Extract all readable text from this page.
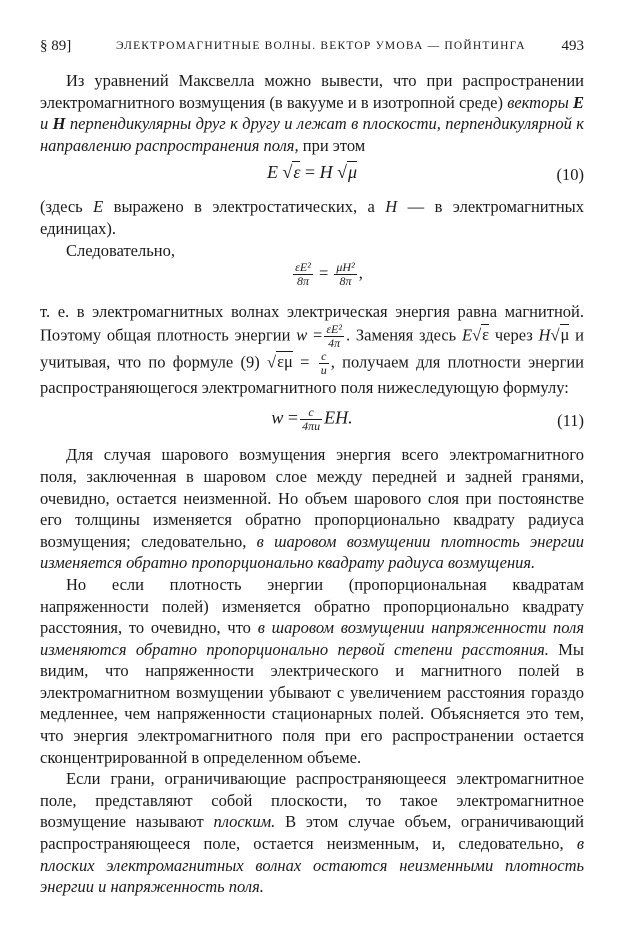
§ 89]	ЭЛЕКТРОМАГНИТНЫЕ ВОЛНЫ. ВЕКТОР УМОВА — ПОЙНТИНГА 493

Из уравнений Максвелла можно вывести, что при распространении электромагнитного возмущения (в вакууме и в изотропной среде) векторы E и H перпендикулярны друг к другу и лежат в плоскости, перпендикулярной к направлению распространения поля, при этом

E √ε = H √μ	(10)

(здесь E выражено в электростатических, а H — в электромагнитных единицах).

Следовательно,

$\frac{\text{εE²}}{8\pi} = \frac{\text{μH²}}{8\pi}$ ,

т. е. в электромагнитных волнах электрическая энергия равна магнитной. Поэтому общая плотность энергии $w = \frac{\text{εE²}}{4\pi}$ . Заменяя здесь E√ε через H√μ и учитывая, что по формуле (9) $√\varepsilon\mu = \frac{c}{u}$ , получаем для плотности энергии распространяющегося электромагнитного поля нижеследующую формулу:

$w = \frac{c}{4\pi u}$ EH.	(11)

Для случая шарового возмущения энергия всего электромагнитного поля, заключенная в шаровом слое между передней и задней гранями, очевидно, остается неизменной. Но объем шарового слоя при постоянстве его толщины изменяется обратно пропорционально квадрату радиуса возмущения; следовательно, в шаровом возмущении плотность энергии изменяется обратно пропорционально квадрату радиуса возмущения.

Но если плотность энергии (пропорциональная квадратам напряженности полей) изменяется обратно пропорционально квадрату расстояния, то очевидно, что в шаровом возмущении напряженности поля изменяются обратно пропорционально первой степени расстояния. Мы видим, что напряженности электрического и магнитного полей в электромагнитном возмущении убывают с увеличением расстояния гораздо медленнее, чем напряженности стационарных полей. Объясняется это тем, что энергия электромагнитного поля при его распространении остается сконцентрированной в определенном объеме.

Если грани, ограничивающие распространяющееся электромагнитное поле, представляют собой плоскости, то такое электромагнитное возмущение называют плоским. В этом случае объем, ограничивающий распространяющееся поле, остается неизменным, и, следовательно, в плоских электромагнитных волнах остаются неизменными плотность энергии и напряженность поля.
